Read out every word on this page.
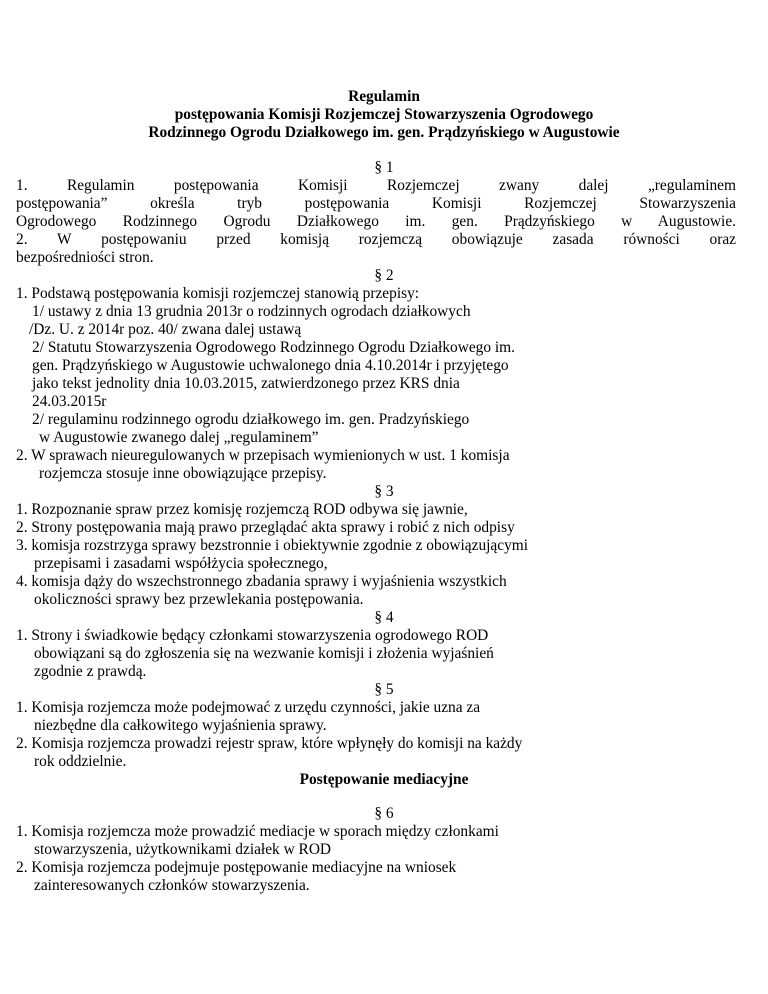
Regulamin

postępowania Komisji Rozjemczej Stowarzyszenia Ogrodowego

Rodzinnego Ogrodu Działkowego im. gen. Prądzyńskiego w Augustowie

§ 1

1. Regulamin postępowania Komisji Rozjemczej zwany dalej „regulaminem

postępowania” określa tryb postępowania Komisji Rozjemczej Stowarzyszenia

Ogrodowego Rodzinnego Ogrodu Działkowego im. gen. Prądzyńskiego w Augustowie.

2. W postępowaniu przed komisją rozjemczą obowiązuje zasada równości oraz

bezpośredniości stron.

§ 2

1. Podstawą postępowania komisji rozjemczej stanowią przepisy:

1/ ustawy z dnia 13 grudnia 2013r o rodzinnych ogrodach działkowych

/Dz. U. z 2014r poz. 40/ zwana dalej ustawą

2/ Statutu Stowarzyszenia Ogrodowego Rodzinnego Ogrodu Działkowego im.

gen. Prądzyńskiego w Augustowie uchwalonego dnia 4.10.2014r i przyjętego

jako tekst jednolity dnia 10.03.2015, zatwierdzonego przez KRS dnia

24.03.2015r

2/ regulaminu rodzinnego ogrodu działkowego im. gen. Pradzyńskiego

w Augustowie zwanego dalej „regulaminem”

2. W sprawach nieuregulowanych w przepisach wymienionych w ust. 1 komisja

rozjemcza stosuje inne obowiązujące przepisy.

§ 3

1. Rozpoznanie spraw przez komisję rozjemczą ROD odbywa się jawnie,

2. Strony postępowania mają prawo przeglądać akta sprawy i robić z nich odpisy

3. komisja rozstrzyga sprawy bezstronnie i obiektywnie zgodnie z obowiązującymi

przepisami i zasadami współżycia społecznego,

4. komisja dąży do wszechstronnego zbadania sprawy i wyjaśnienia wszystkich

okoliczności sprawy bez przewlekania postępowania.

§ 4

1. Strony i świadkowie będący członkami stowarzyszenia ogrodowego ROD

obowiązani są do zgłoszenia się na wezwanie komisji i złożenia wyjaśnień

zgodnie z prawdą.

§ 5

1. Komisja rozjemcza może podejmować z urzędu czynności, jakie uzna za

niezbędne dla całkowitego wyjaśnienia sprawy.

2. Komisja rozjemcza prowadzi rejestr spraw, które wpłynęły do komisji na każdy

rok oddzielnie.

Postępowanie mediacyjne

§ 6

1. Komisja rozjemcza może prowadzić mediacje w sporach między członkami

stowarzyszenia, użytkownikami działek w ROD

2. Komisja rozjemcza podejmuje postępowanie mediacyjne na wniosek

zainteresowanych członków stowarzyszenia.
